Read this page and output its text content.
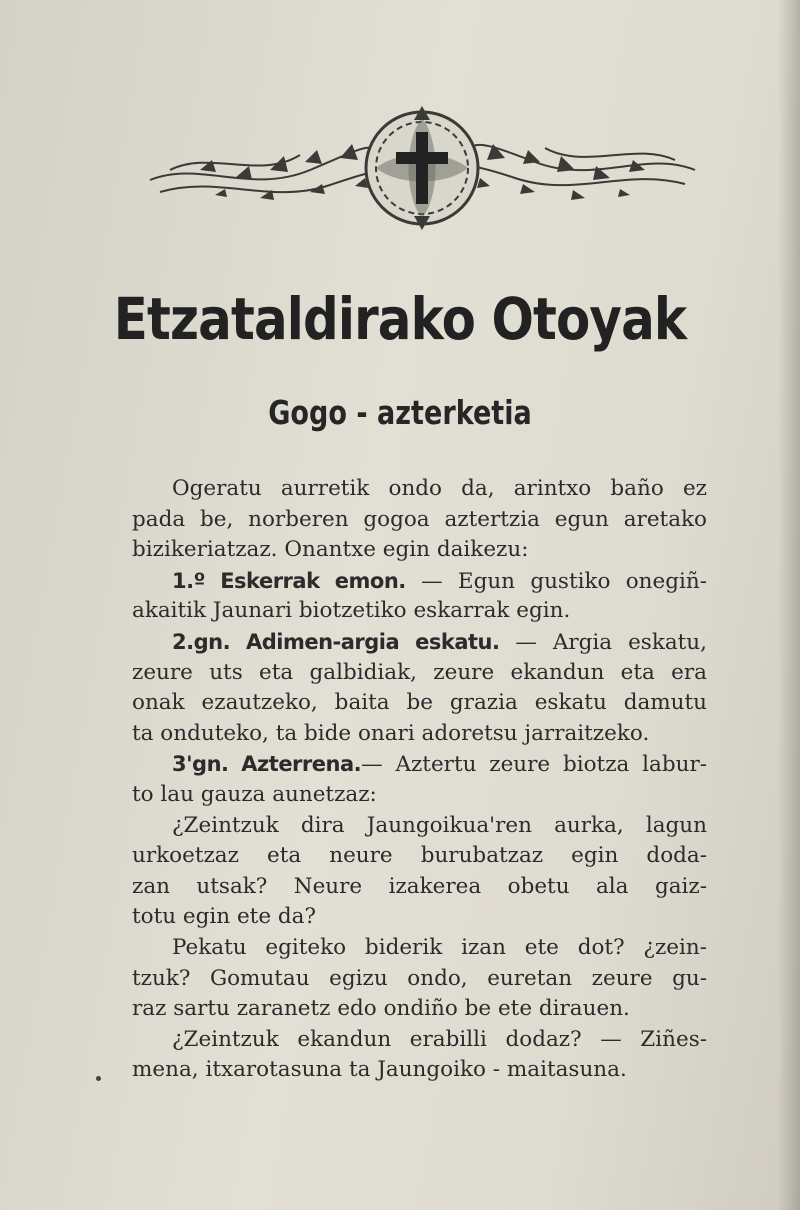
Etzataldirako Otoyak
Gogo - azterketia
Ogeratu aurretik ondo da, arintxo baño ez
pada be, norberen gogoa aztertzia egun aretako
bizikeriatzaz. Onantxe egin daikezu:
1.º Eskerrak emon. — Egun gustiko onegiñ-
akaitik Jaunari biotzetiko eskarrak egin.
2.gn. Adimen-argia eskatu. — Argia eskatu,
zeure uts eta galbidiak, zeure ekandun eta era
onak ezautzeko, baita be grazia eskatu damutu
ta onduteko, ta bide onari adoretsu jarraitzeko.
3'gn. Azterrena.— Aztertu zeure biotza labur-
to lau gauza aunetzaz:
¿Zeintzuk dira Jaungoikua'ren aurka, lagun
urkoetzaz eta neure burubatzaz egin doda-
zan utsak? Neure izakerea obetu ala gaiz-
totu egin ete da?
Pekatu egiteko biderik izan ete dot? ¿zein-
tzuk? Gomutau egizu ondo, euretan zeure gu-
raz sartu zaranetz edo ondiño be ete dirauen.
¿Zeintzuk ekandun erabilli dodaz? — Ziñes-
mena, itxarotasuna ta Jaungoiko - maitasuna.
